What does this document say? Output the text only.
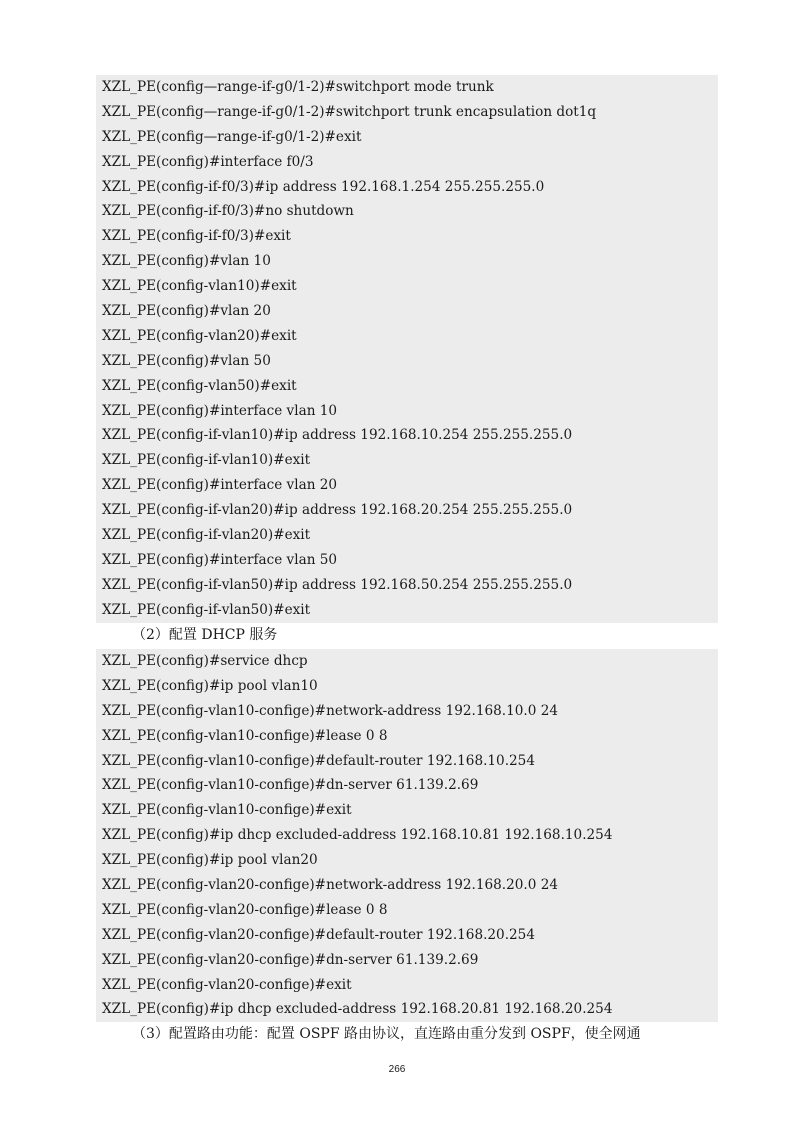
XZL_PE(config—range-if-g0/1-2)#switchport mode trunk
XZL_PE(config—range-if-g0/1-2)#switchport trunk encapsulation dot1q
XZL_PE(config—range-if-g0/1-2)#exit
XZL_PE(config)#interface f0/3
XZL_PE(config-if-f0/3)#ip address 192.168.1.254 255.255.255.0
XZL_PE(config-if-f0/3)#no shutdown
XZL_PE(config-if-f0/3)#exit
XZL_PE(config)#vlan 10
XZL_PE(config-vlan10)#exit
XZL_PE(config)#vlan 20
XZL_PE(config-vlan20)#exit
XZL_PE(config)#vlan 50
XZL_PE(config-vlan50)#exit
XZL_PE(config)#interface vlan 10
XZL_PE(config-if-vlan10)#ip address 192.168.10.254 255.255.255.0
XZL_PE(config-if-vlan10)#exit
XZL_PE(config)#interface vlan 20
XZL_PE(config-if-vlan20)#ip address 192.168.20.254 255.255.255.0
XZL_PE(config-if-vlan20)#exit
XZL_PE(config)#interface vlan 50
XZL_PE(config-if-vlan50)#ip address 192.168.50.254 255.255.255.0
XZL_PE(config-if-vlan50)#exit
（2）配置 DHCP 服务
XZL_PE(config)#service dhcp
XZL_PE(config)#ip pool vlan10
XZL_PE(config-vlan10-configе)#network-address 192.168.10.0 24
XZL_PE(config-vlan10-configе)#lease 0 8
XZL_PE(config-vlan10-configе)#default-router 192.168.10.254
XZL_PE(config-vlan10-configе)#dn-server 61.139.2.69
XZL_PE(config-vlan10-configе)#exit
XZL_PE(config)#ip dhcp excluded-address 192.168.10.81 192.168.10.254
XZL_PE(config)#ip pool vlan20
XZL_PE(config-vlan20-configе)#network-address 192.168.20.0 24
XZL_PE(config-vlan20-configе)#lease 0 8
XZL_PE(config-vlan20-configе)#default-router 192.168.20.254
XZL_PE(config-vlan20-configе)#dn-server 61.139.2.69
XZL_PE(config-vlan20-configе)#exit
XZL_PE(config)#ip dhcp excluded-address 192.168.20.81 192.168.20.254
（3）配置路由功能：配置 OSPF 路由协议，直连路由重分发到 OSPF，使全网通
266
